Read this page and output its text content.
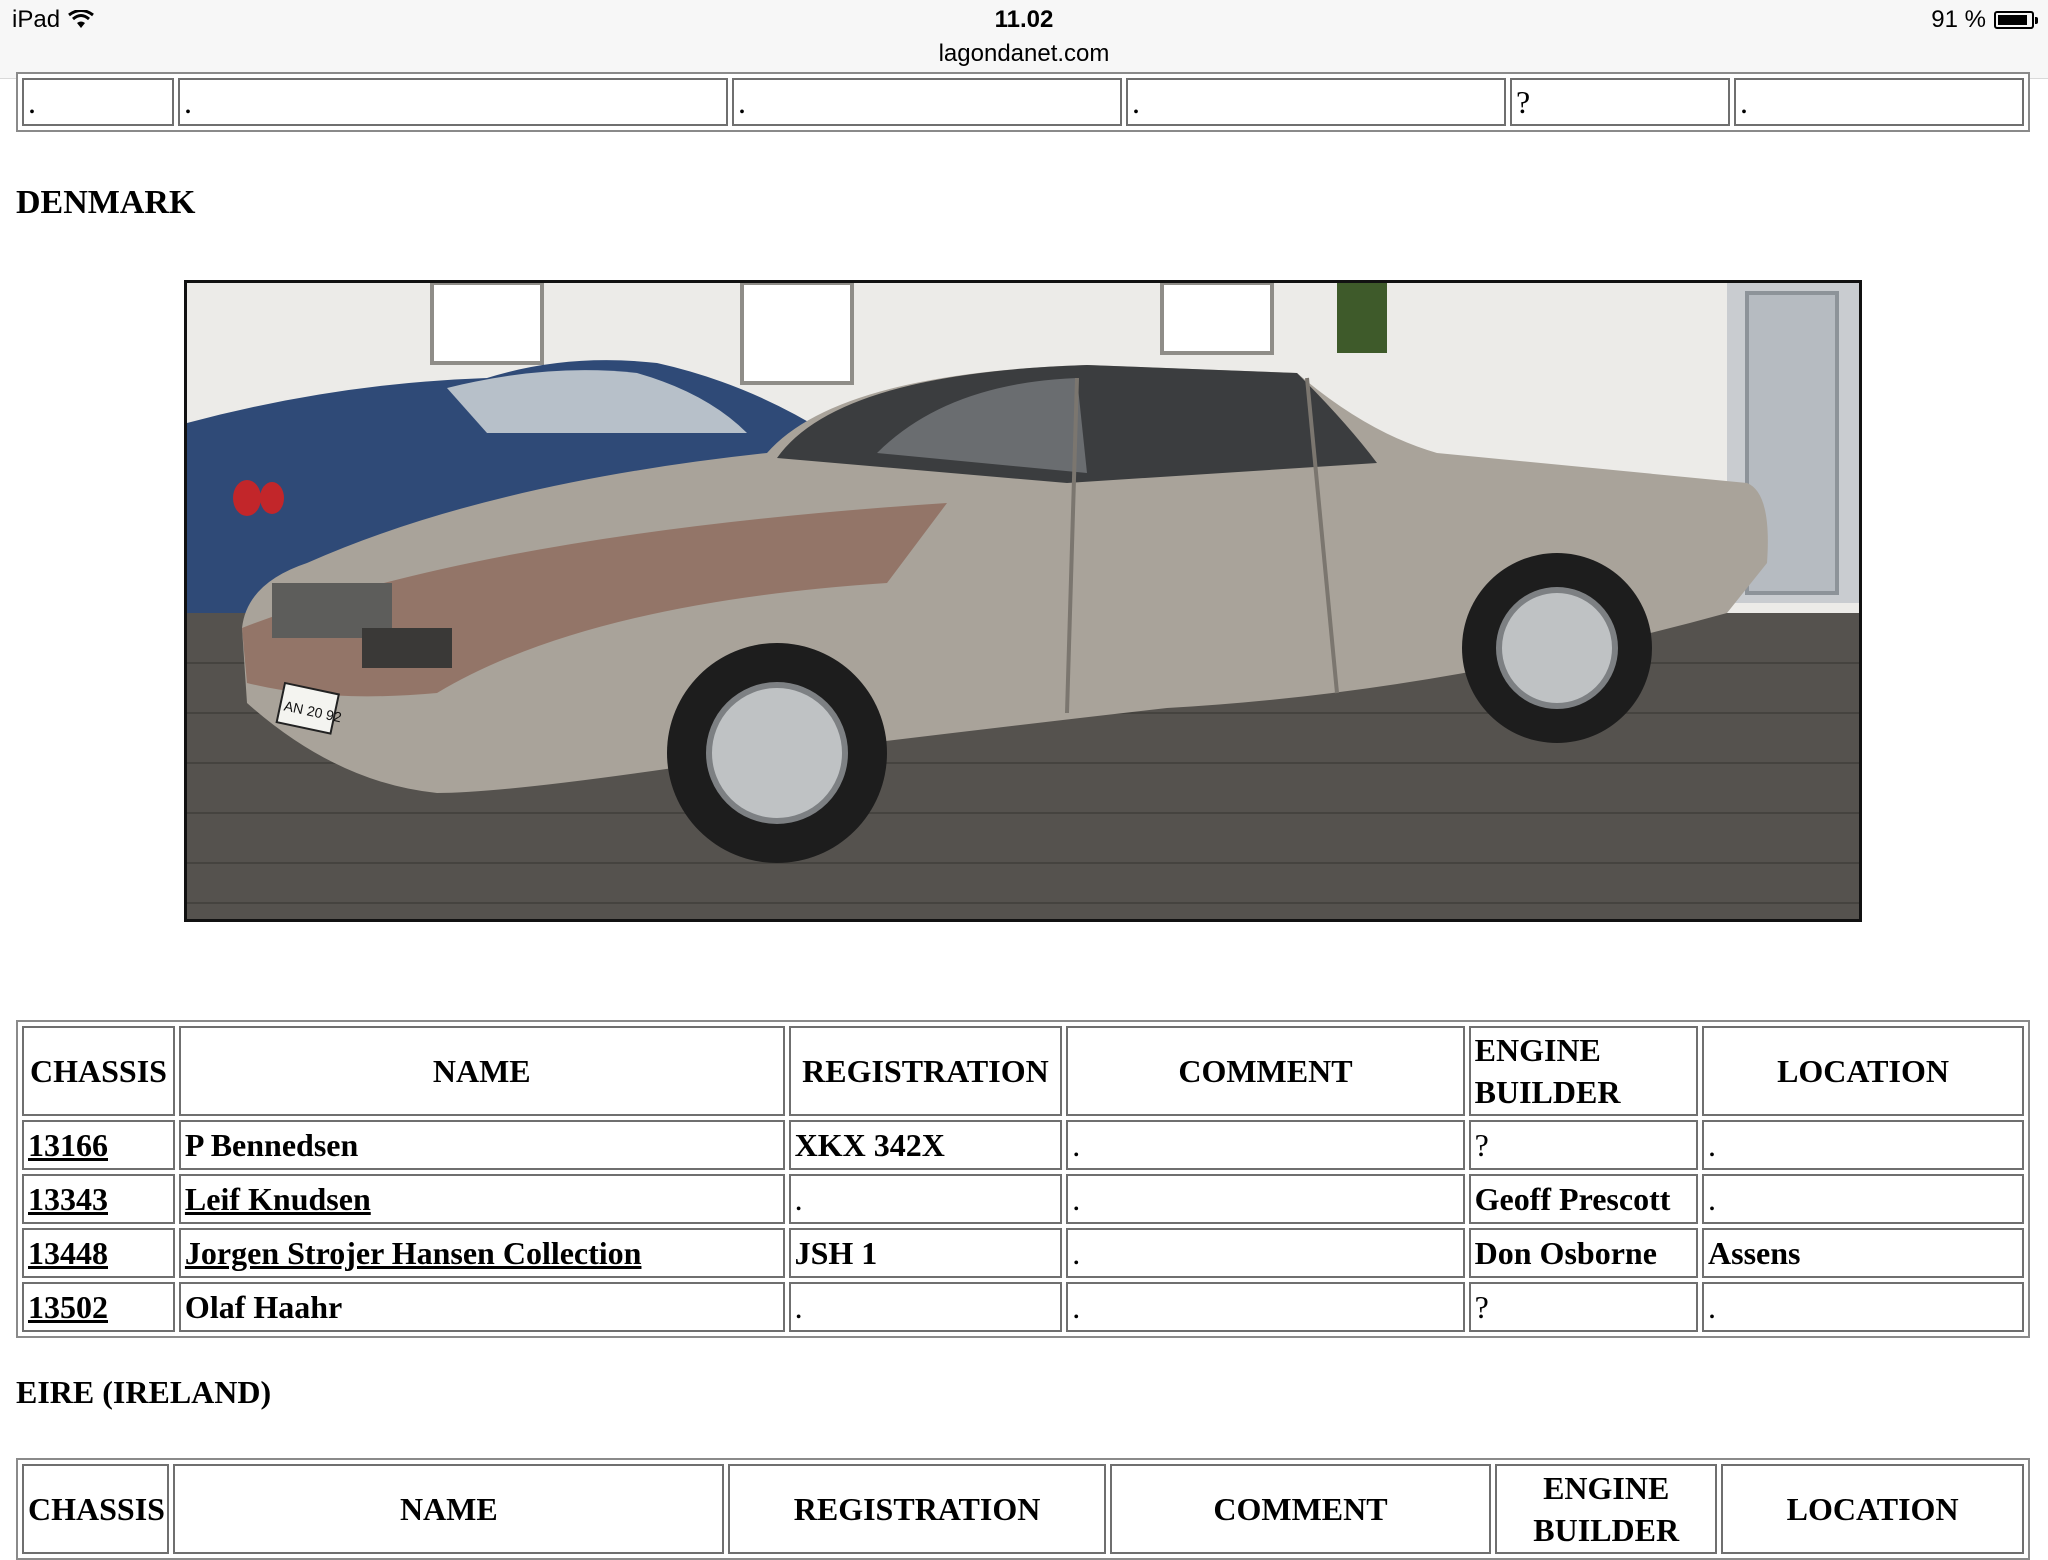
iPad	11.02
lagondanet.com
91 %
.	.	.	.	?	.
DENMARK
AN 20 92
CHASSIS	NAME	REGISTRATION	COMMENT	ENGINE BUILDER	LOCATION
13166	P Bennedsen	XKX 342X	.	?	.
13343	Leif Knudsen	.	.	Geoff Prescott	.
13448	Jorgen Strojer Hansen Collection	JSH 1	.	Don Osborne	Assens
13502	Olaf Haahr	.	.	?	.
EIRE (IRELAND)
CHASSIS	NAME	REGISTRATION	COMMENT	ENGINE BUILDER	LOCATION
